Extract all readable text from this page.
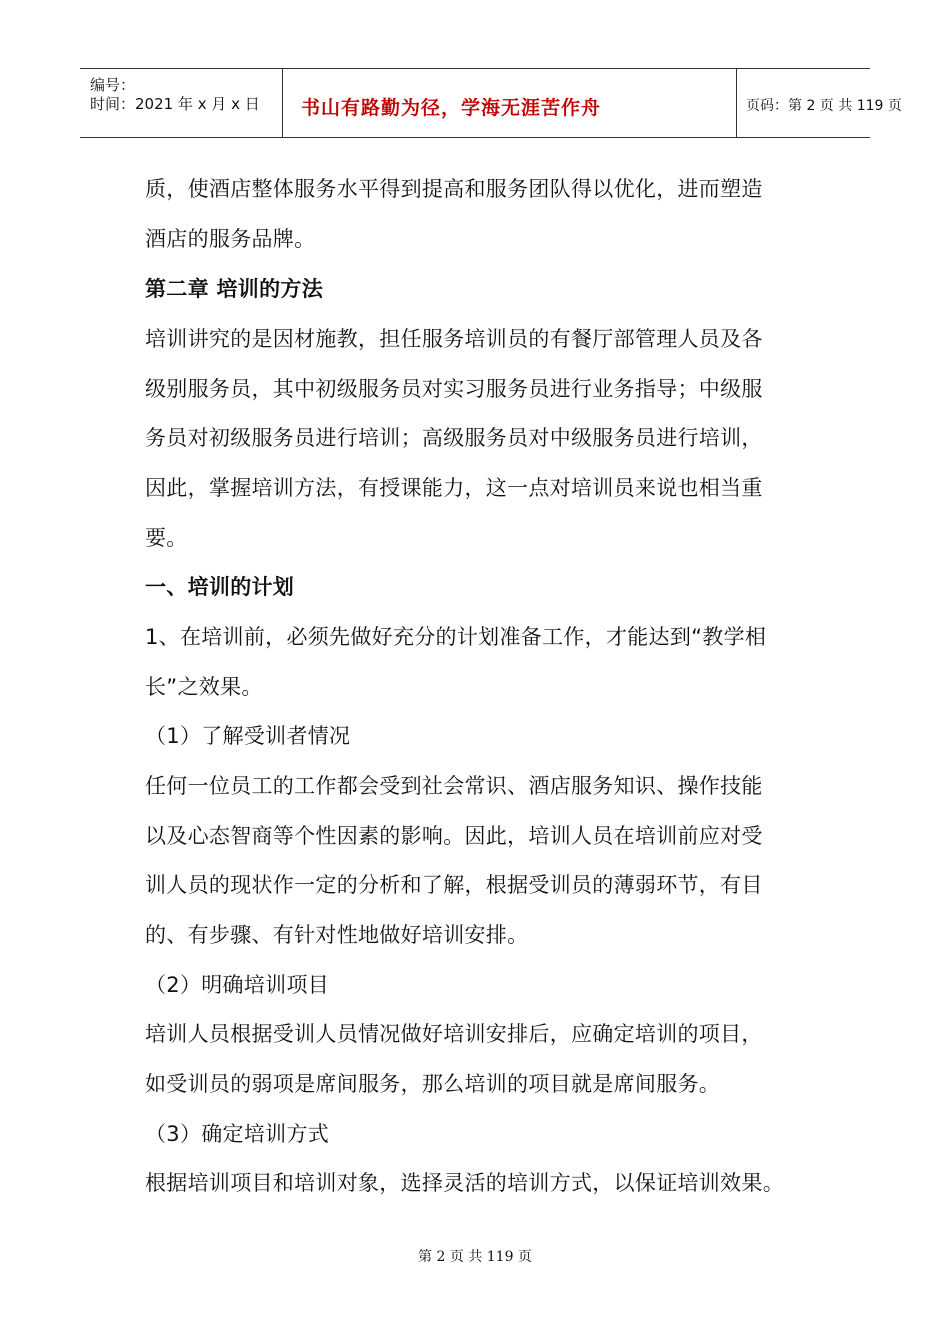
编号：
时间：2021 年 x 月 x 日 书山有路勤为径，学海无涯苦作舟	页码：第 2 页 共 119 页
质，使酒店整体服务水平得到提高和服务团队得以优化，进而塑造
酒店的服务品牌。
第二章 培训的方法
培训讲究的是因材施教，担任服务培训员的有餐厅部管理人员及各
级别服务员，其中初级服务员对实习服务员进行业务指导；中级服
务员对初级服务员进行培训；高级服务员对中级服务员进行培训，
因此，掌握培训方法，有授课能力，这一点对培训员来说也相当重
要。
一、培训的计划
1、在培训前，必须先做好充分的计划准备工作，才能达到“教学相
长”之效果。
（1）了解受训者情况
任何一位员工的工作都会受到社会常识、酒店服务知识、操作技能
以及心态智商等个性因素的影响。因此，培训人员在培训前应对受
训人员的现状作一定的分析和了解，根据受训员的薄弱环节，有目
的、有步骤、有针对性地做好培训安排。
（2）明确培训项目
培训人员根据受训人员情况做好培训安排后，应确定培训的项目，
如受训员的弱项是席间服务，那么培训的项目就是席间服务。
（3）确定培训方式
根据培训项目和培训对象，选择灵活的培训方式，以保证培训效果。
第 2 页 共 119 页
